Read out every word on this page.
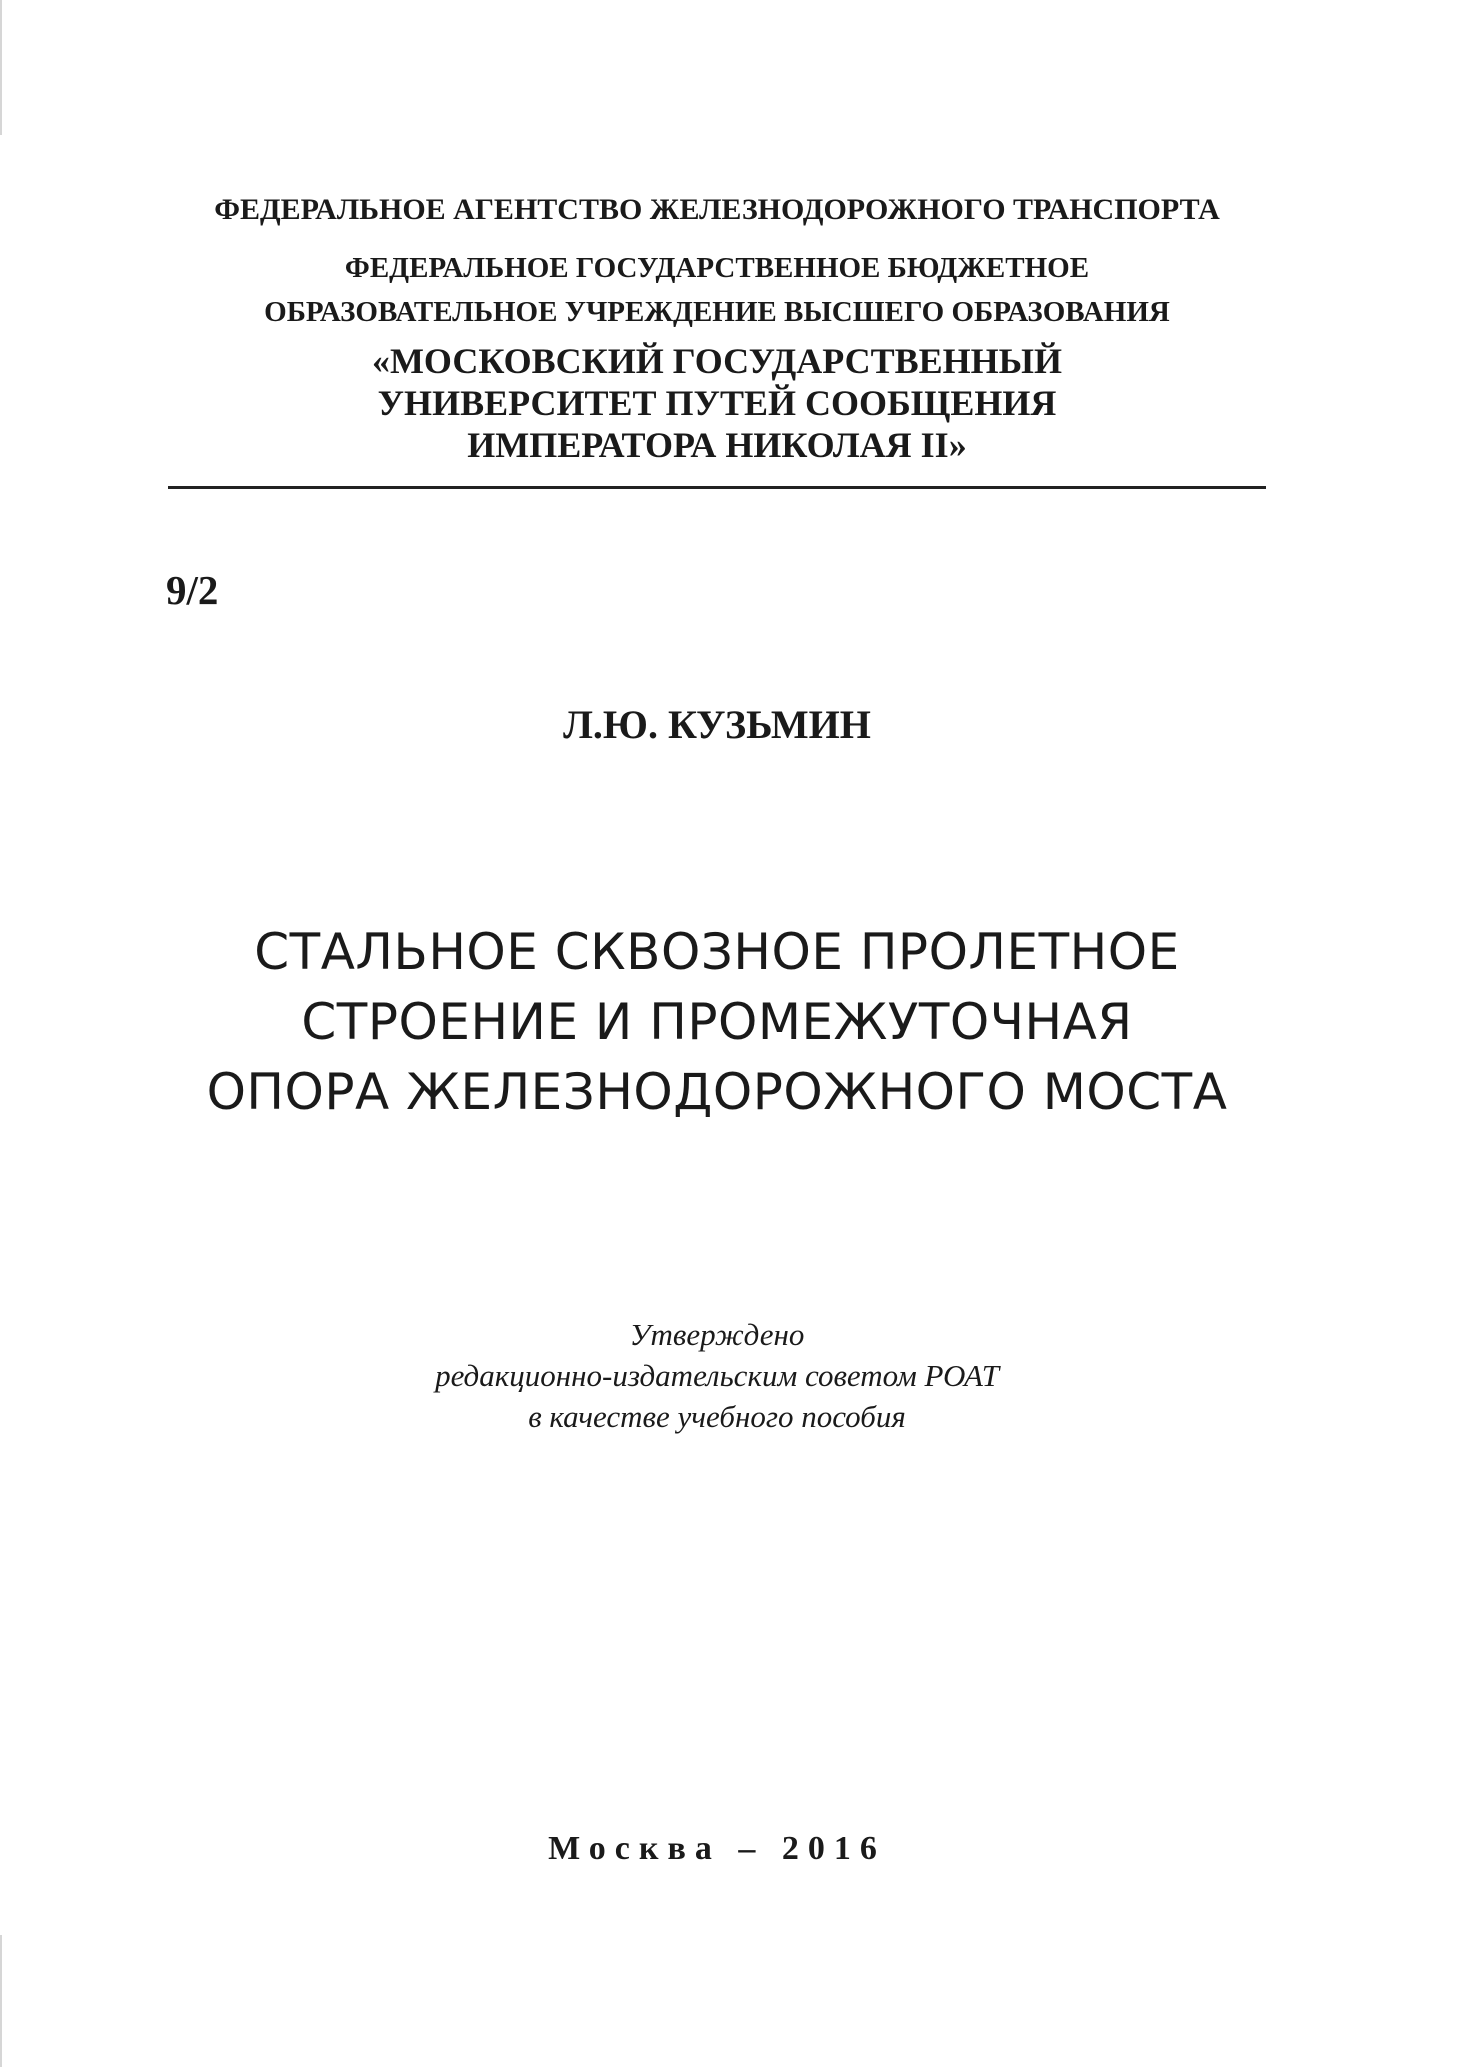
ФЕДЕРАЛЬНОЕ АГЕНТСТВО ЖЕЛЕЗНОДОРОЖНОГО ТРАНСПОРТА
ФЕДЕРАЛЬНОЕ ГОСУДАРСТВЕННОЕ БЮДЖЕТНОЕ
ОБРАЗОВАТЕЛЬНОЕ УЧРЕЖДЕНИЕ ВЫСШЕГО ОБРАЗОВАНИЯ
«МОСКОВСКИЙ ГОСУДАРСТВЕННЫЙ
УНИВЕРСИТЕТ ПУТЕЙ СООБЩЕНИЯ
ИМПЕРАТОРА НИКОЛАЯ II»
9/2
Л.Ю. КУЗЬМИН
СТАЛЬНОЕ СКВОЗНОЕ ПРОЛЕТНОЕ
СТРОЕНИЕ И ПРОМЕЖУТОЧНАЯ
ОПОРА ЖЕЛЕЗНОДОРОЖНОГО МОСТА
Утверждено
редакционно-издательским советом РОАТ
в качестве учебного пособия
Москва – 2016
